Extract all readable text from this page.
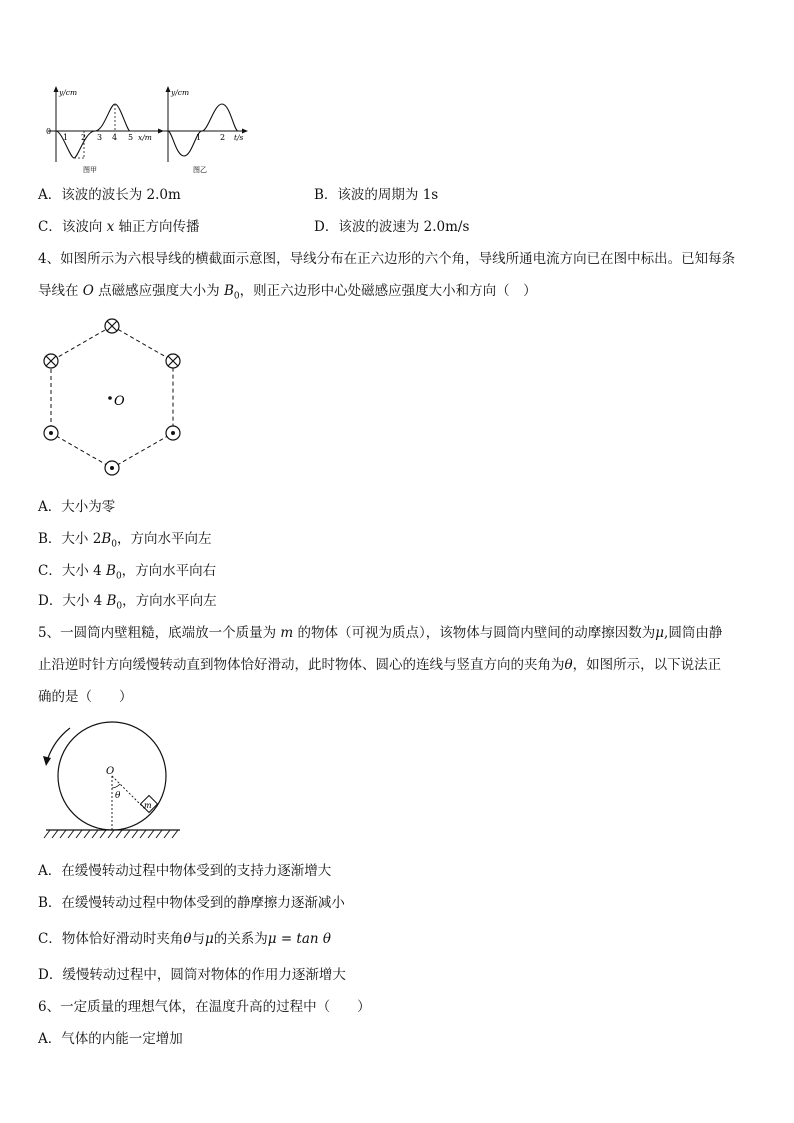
y/cm
0
1 2 3 4 5 x/m
图甲
y/cm
1 2 t/s
图乙
A．该波的波长为 2.0m	B．该波的周期为 1s
C．该波向 x 轴正方向传播	D．该波的波速为 2.0m/s
4、如图所示为六根导线的横截面示意图，导线分布在正六边形的六个角，导线所通电流方向已在图中标出。已知每条
导线在 O 点磁感应强度大小为 $B_0$，则正六边形中心处磁感应强度大小和方向（　）
O
A．大小为零
B．大小 $2B_0$，方向水平向左
C．大小 4 $B_0$，方向水平向右
D．大小 4 $B_0$，方向水平向左
5、一圆筒内壁粗糙，底端放一个质量为 m 的物体（可视为质点），该物体与圆筒内壁间的动摩擦因数为μ,圆筒由静
止沿逆时针方向缓慢转动直到物体恰好滑动，此时物体、圆心的连线与竖直方向的夹角为θ，如图所示，以下说法正
确的是（　　）
O
θ
m
A．在缓慢转动过程中物体受到的支持力逐渐增大
B．在缓慢转动过程中物体受到的静摩擦力逐渐减小
C．物体恰好滑动时夹角θ与μ的关系为μ = tan θ
D．缓慢转动过程中，圆筒对物体的作用力逐渐增大
6、一定质量的理想气体，在温度升高的过程中（　　）
A．气体的内能一定增加
